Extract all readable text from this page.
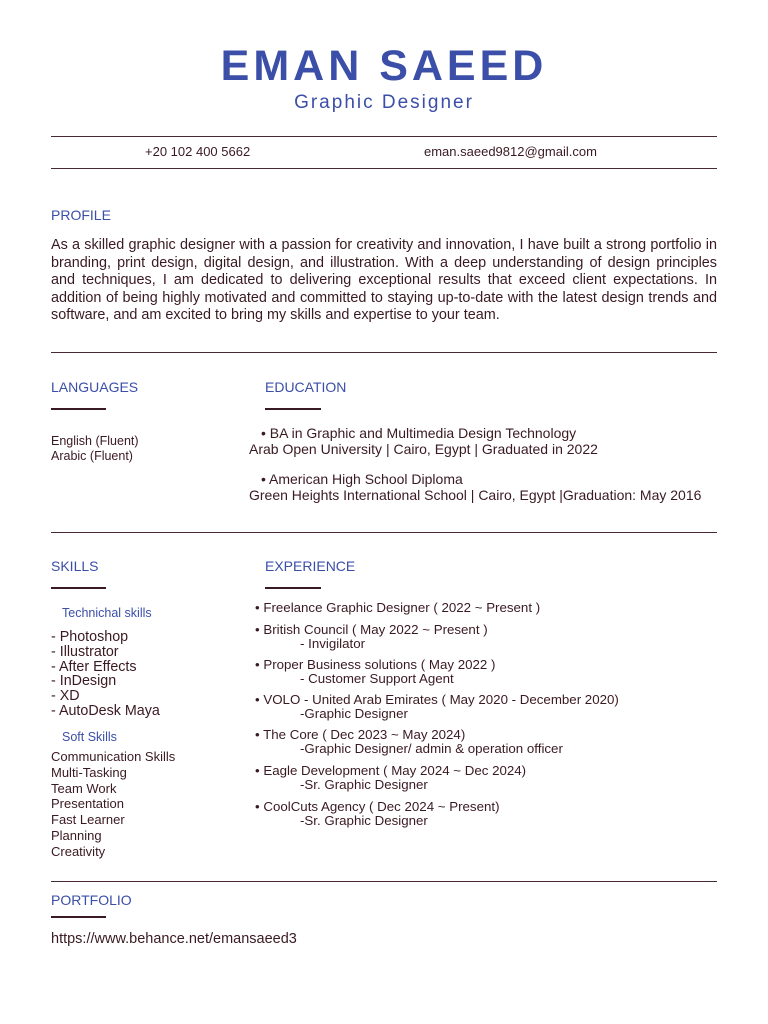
EMAN SAEED
Graphic Designer
+20 102 400 5662	eman.saeed9812@gmail.com
PROFILE
As a skilled graphic designer with a passion for creativity and innovation, I have built a strong portfolio in branding, print design, digital design, and illustration. With a deep understanding of design principles and techniques, I am dedicated to delivering exceptional results that exceed client expectations. In addition of being highly motivated and committed to staying up-to-date with the latest design trends and software, and am excited to bring my skills and expertise to your team.
LANGUAGES
English (Fluent)
Arabic (Fluent)
EDUCATION
• BA in Graphic and Multimedia Design Technology
Arab Open University | Cairo, Egypt | Graduated in 2022
• American High School Diploma
Green Heights International School | Cairo, Egypt |Graduation: May 2016
SKILLS
Technichal skills
- Photoshop
- Illustrator
- After Effects
- InDesign
- XD
- AutoDesk Maya
Soft Skills
Communication Skills
Multi-Tasking
Team Work
Presentation
Fast Learner
Planning
Creativity
EXPERIENCE
• Freelance Graphic Designer ( 2022 ~ Present )
• British Council ( May 2022 ~ Present )
- Invigilator
• Proper Business solutions ( May 2022 )
- Customer Support Agent
• VOLO - United Arab Emirates ( May 2020 - December 2020)
-Graphic Designer
• The Core ( Dec 2023 ~ May 2024)
-Graphic Designer/ admin & operation officer
• Eagle Development ( May 2024 ~ Dec 2024)
-Sr. Graphic Designer
• CoolCuts Agency ( Dec 2024 ~ Present)
-Sr. Graphic Designer
PORTFOLIO
https://www.behance.net/emansaeed3
